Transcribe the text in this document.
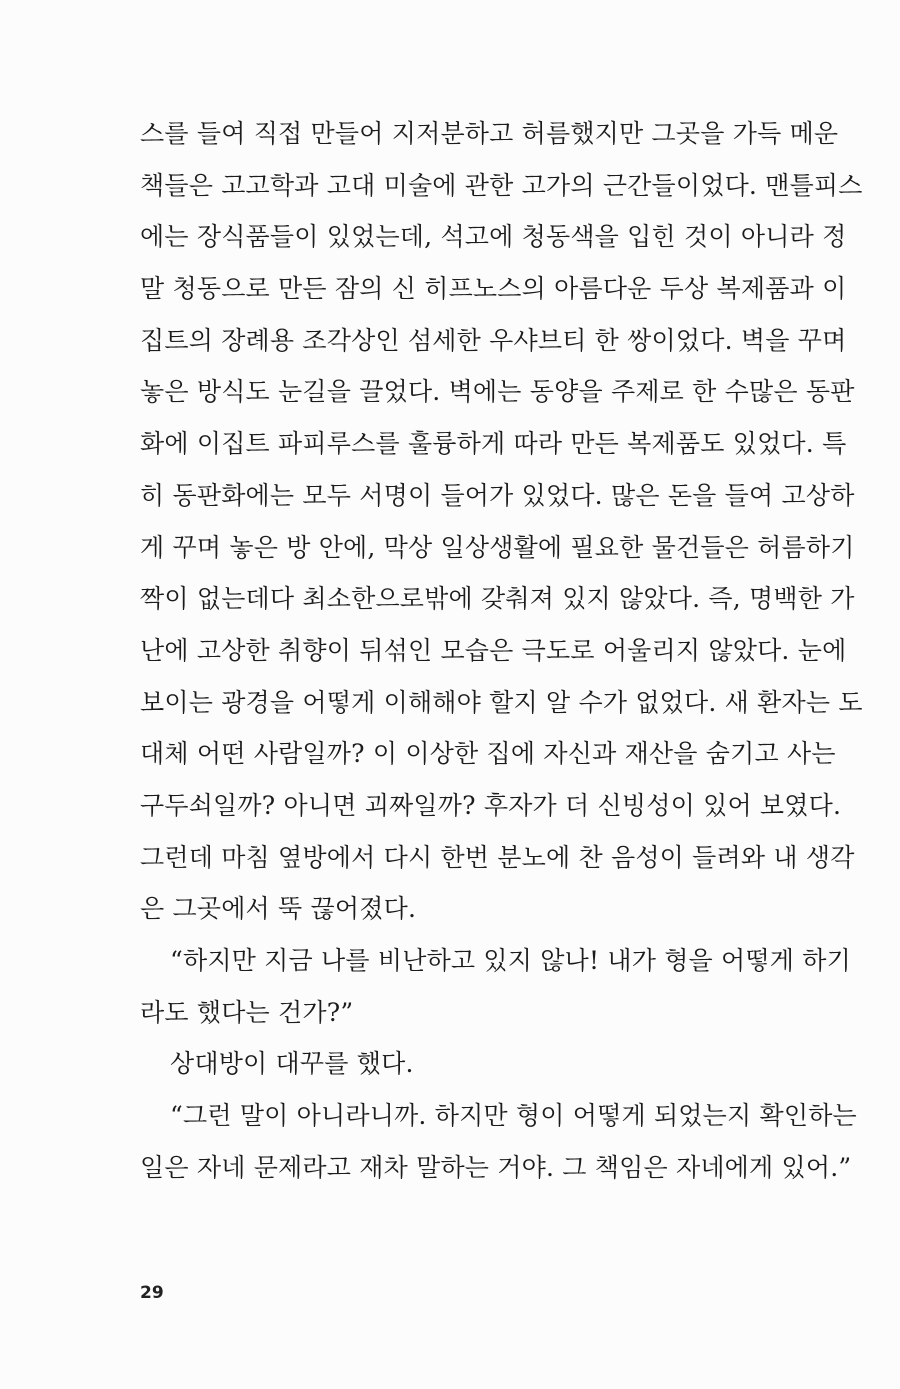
스를 들여 직접 만들어 지저분하고 허름했지만 그곳을 가득 메운
책들은 고고학과 고대 미술에 관한 고가의 근간들이었다. 맨틀피스
에는 장식품들이 있었는데, 석고에 청동색을 입힌 것이 아니라 정
말 청동으로 만든 잠의 신 히프노스의 아름다운 두상 복제품과 이
집트의 장례용 조각상인 섬세한 우샤브티 한 쌍이었다. 벽을 꾸며
놓은 방식도 눈길을 끌었다. 벽에는 동양을 주제로 한 수많은 동판
화에 이집트 파피루스를 훌륭하게 따라 만든 복제품도 있었다. 특
히 동판화에는 모두 서명이 들어가 있었다. 많은 돈을 들여 고상하
게 꾸며 놓은 방 안에, 막상 일상생활에 필요한 물건들은 허름하기
짝이 없는데다 최소한으로밖에 갖춰져 있지 않았다. 즉, 명백한 가
난에 고상한 취향이 뒤섞인 모습은 극도로 어울리지 않았다. 눈에
보이는 광경을 어떻게 이해해야 할지 알 수가 없었다. 새 환자는 도
대체 어떤 사람일까? 이 이상한 집에 자신과 재산을 숨기고 사는
구두쇠일까? 아니면 괴짜일까? 후자가 더 신빙성이 있어 보였다.
그런데 마침 옆방에서 다시 한번 분노에 찬 음성이 들려와 내 생각
은 그곳에서 뚝 끊어졌다.
“하지만 지금 나를 비난하고 있지 않나! 내가 형을 어떻게 하기
라도 했다는 건가?”
상대방이 대꾸를 했다.
“그런 말이 아니라니까. 하지만 형이 어떻게 되었는지 확인하는
일은 자네 문제라고 재차 말하는 거야. 그 책임은 자네에게 있어.”
29
